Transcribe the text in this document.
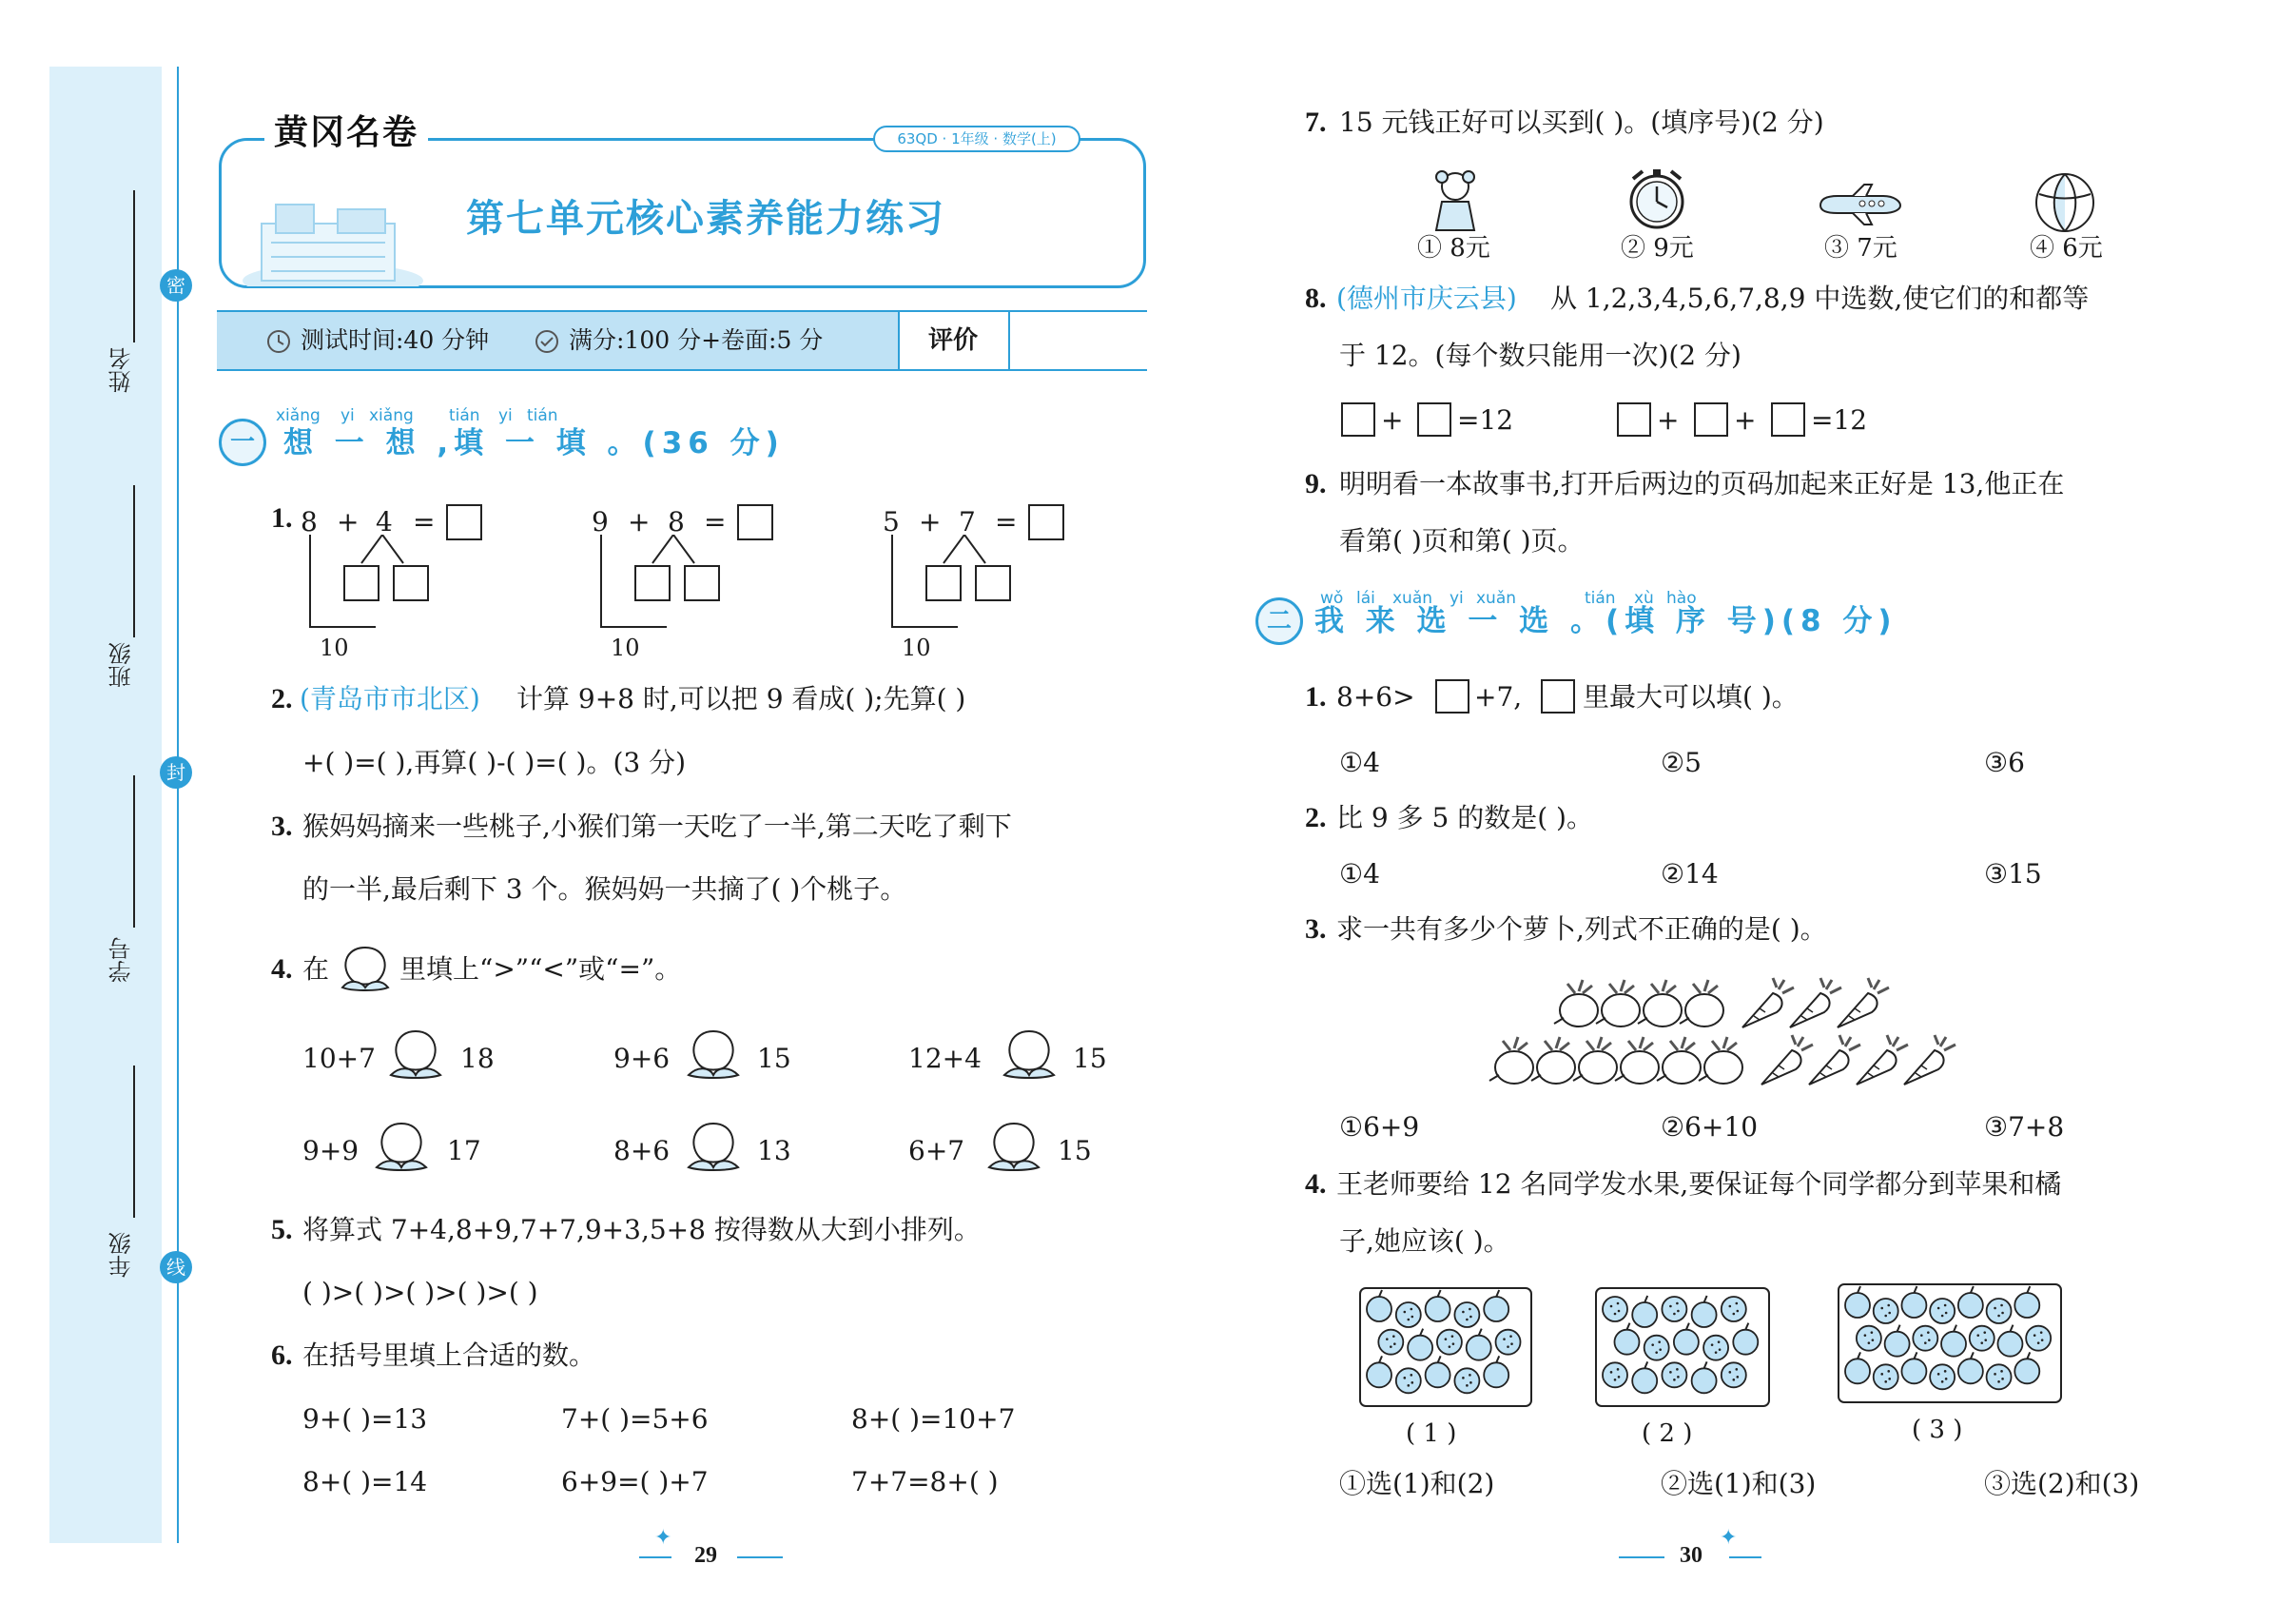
姓名
班级
学号
年级
密
封
线
黄冈名卷	63QD · 1年级 · 数学(上)
第七单元核心素养能力练习
测试时间:40 分钟	满分:100 分+卷面:5 分	评价
xiǎng yi xiǎng tián yi tián
一 想 一 想 ,填 一 填 。(36 分)
1. 8 + 4 =
10
9 + 8 =
10
5 + 7 =
10
2. (青岛市市北区) 计算 9+8 时,可以把 9 看成( );先算( )
+( )=( ),再算( )-( )=( )。(3 分)
3. 猴妈妈摘来一些桃子,小猴们第一天吃了一半,第二天吃了剩下
的一半,最后剩下 3 个。猴妈妈一共摘了( )个桃子。
4. 在	里填上“>”“<”或“=”。
10+7	18	9+6	15	12+4	15
9+9	17	8+6	13	6+7	15
5. 将算式 7+4,8+9,7+7,9+3,5+8 按得数从大到小排列。
( )>( )>( )>( )>( )
6. 在括号里填上合适的数。
9+( )=13	7+( )=5+6	8+( )=10+7
8+( )=14	6+9=( )+7	7+7=8+( )
✦
29
7. 15 元钱正好可以买到( )。(填序号)(2 分)
① 8元	② 9元	③ 7元	④ 6元
8. (德州市庆云县) 从 1,2,3,4,5,6,7,8,9 中选数,使它们的和都等
于 12。(每个数只能用一次)(2 分)
+ =12	+ + =12
9. 明明看一本故事书,打开后两边的页码加起来正好是 13,他正在
看第( )页和第( )页。
wǒ lái xuǎn yi xuǎn	tián xù hào
二 我 来 选 一 选 。(填 序 号)(8 分)
1. 8+6> +7, 里最大可以填( )。
①4	②5	③6
2. 比 9 多 5 的数是( )。
①4	②14	③15
3. 求一共有多少个萝卜,列式不正确的是( )。
①6+9	②6+10	③7+8
4. 王老师要给 12 名同学发水果,要保证每个同学都分到苹果和橘
子,她应该( )。
( 1 )	( 2 )	( 3 )
①选(1)和(2)	②选(1)和(3)	③选(2)和(3)
30
✦
